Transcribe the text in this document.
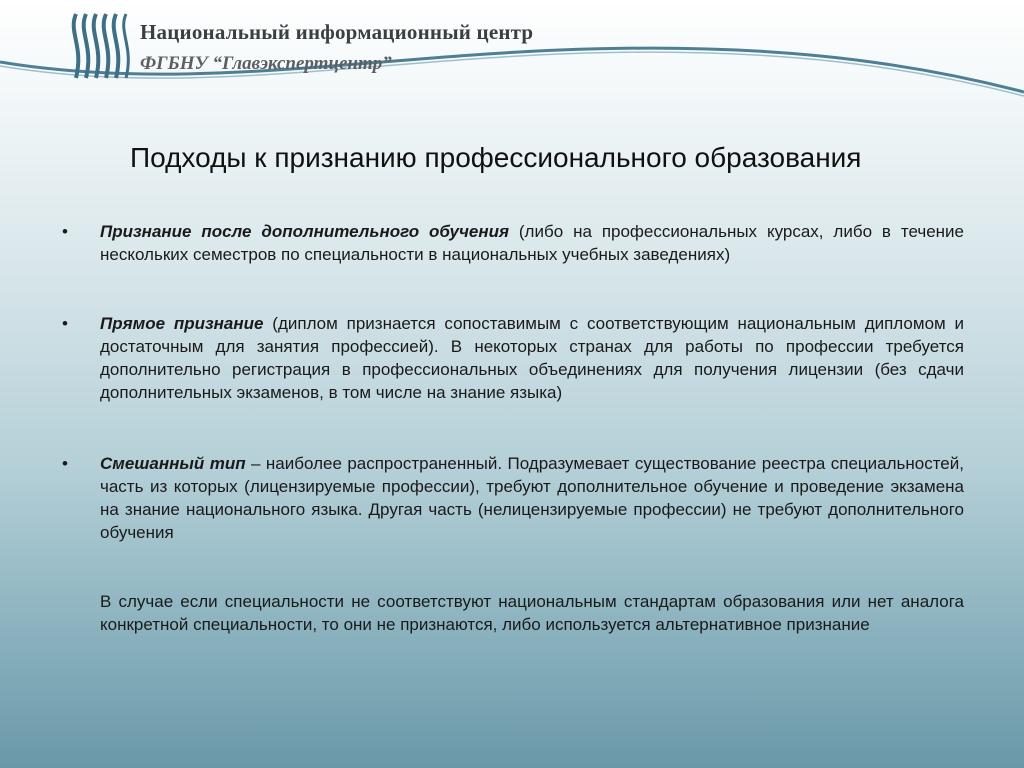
Национальный информационный центр
ФГБНУ “Главэкспертцентр”
Подходы к признанию профессионального образования
• Признание после дополнительного обучения (либо на профессиональных курсах, либо в течение нескольких семестров по специальности в национальных учебных заведениях)
• Прямое признание (диплом признается сопоставимым с соответствующим национальным дипломом и достаточным для занятия профессией). В некоторых странах для работы по профессии требуется дополнительно регистрация в профессиональных объединениях для получения лицензии (без сдачи дополнительных экзаменов, в том числе на знание языка)
• Смешанный тип – наиболее распространенный. Подразумевает существование реестра специальностей, часть из которых (лицензируемые профессии), требуют дополнительное обучение и проведение экзамена на знание национального языка. Другая часть (нелицензируемые профессии) не требуют дополнительного обучения
В случае если специальности не соответствуют национальным стандартам образования или нет аналога конкретной специальности, то они не признаются, либо используется альтернативное признание
